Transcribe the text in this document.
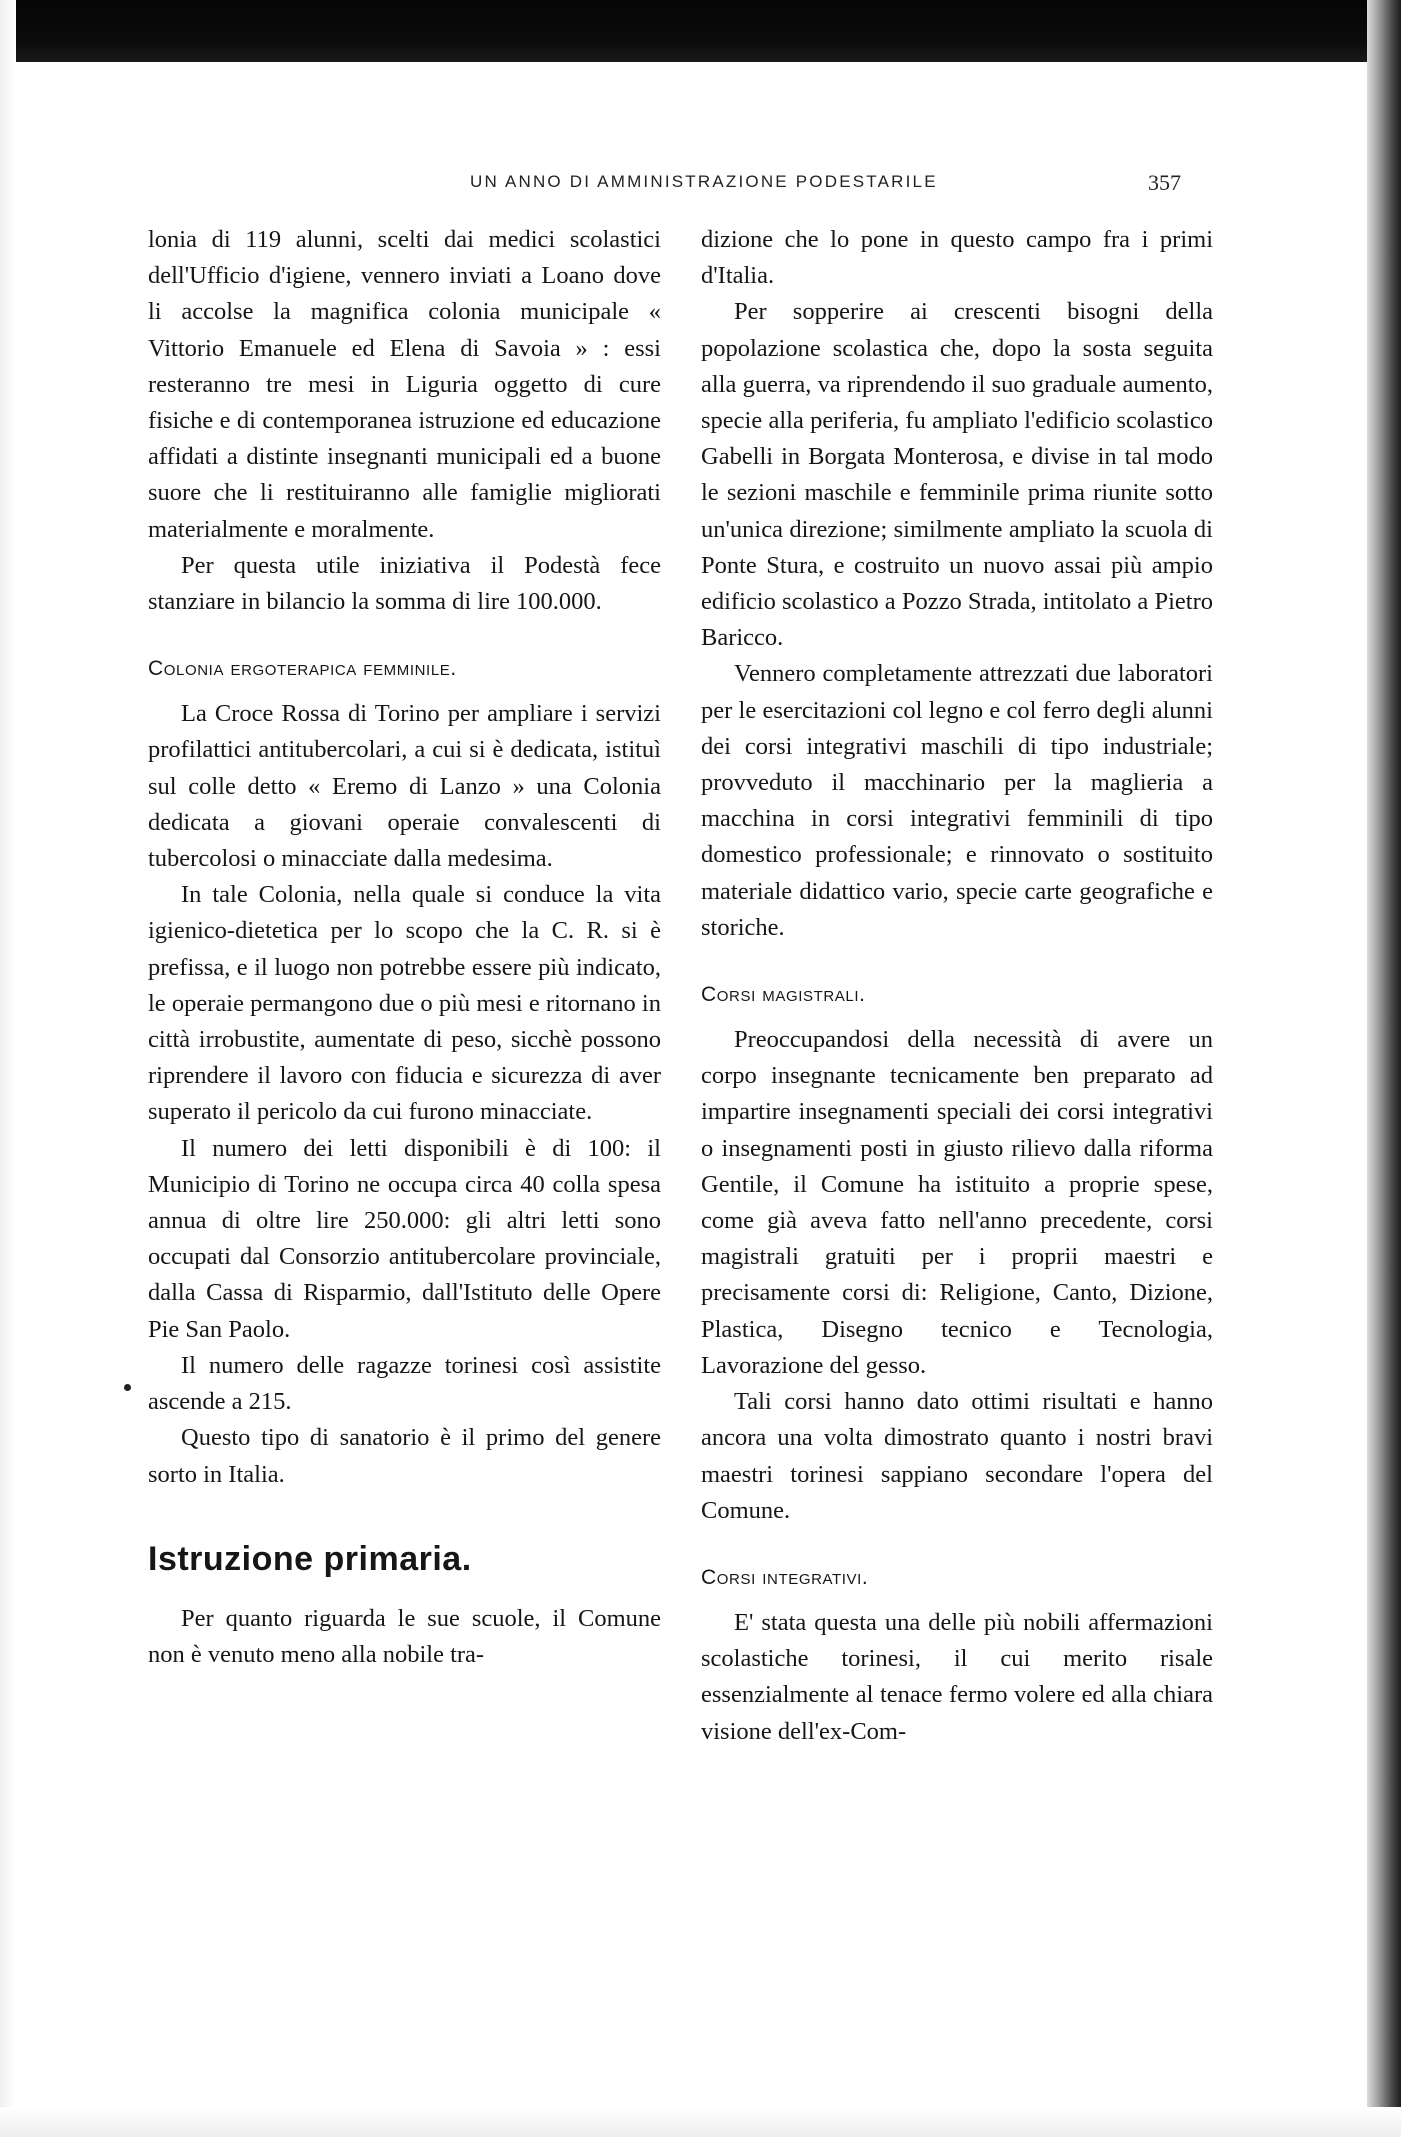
UN ANNO DI AMMINISTRAZIONE PODESTARILE	357

lonia di 119 alunni, scelti dai medici scolastici dell'Ufficio d'igiene, vennero inviati a Loano dove li accolse la magnifica colonia municipale « Vittorio Emanuele ed Elena di Savoia » : essi resteranno tre mesi in Liguria oggetto di cure fisiche e di contemporanea istruzione ed educazione affidati a distinte insegnanti municipali ed a buone suore che li restituiranno alle famiglie migliorati materialmente e moralmente.

Per questa utile iniziativa il Podestà fece stanziare in bilancio la somma di lire 100.000.

Colonia ergoterapica femminile.

La Croce Rossa di Torino per ampliare i servizi profilattici antitubercolari, a cui si è dedicata, istituì sul colle detto « Eremo di Lanzo » una Colonia dedicata a giovani operaie convalescenti di tubercolosi o minacciate dalla medesima.

In tale Colonia, nella quale si conduce la vita igienico-dietetica per lo scopo che la C. R. si è prefissa, e il luogo non potrebbe essere più indicato, le operaie permangono due o più mesi e ritornano in città irrobustite, aumentate di peso, sicchè possono riprendere il lavoro con fiducia e sicurezza di aver superato il pericolo da cui furono minacciate.

Il numero dei letti disponibili è di 100: il Municipio di Torino ne occupa circa 40 colla spesa annua di oltre lire 250.000: gli altri letti sono occupati dal Consorzio antitubercolare provinciale, dalla Cassa di Risparmio, dall'Istituto delle Opere Pie San Paolo.

Il numero delle ragazze torinesi così assistite ascende a 215.

Questo tipo di sanatorio è il primo del genere sorto in Italia.

Istruzione primaria.

Per quanto riguarda le sue scuole, il Comune non è venuto meno alla nobile tra-

dizione che lo pone in questo campo fra i primi d'Italia.

Per sopperire ai crescenti bisogni della popolazione scolastica che, dopo la sosta seguita alla guerra, va riprendendo il suo graduale aumento, specie alla periferia, fu ampliato l'edificio scolastico Gabelli in Borgata Monterosa, e divise in tal modo le sezioni maschile e femminile prima riunite sotto un'unica direzione; similmente ampliato la scuola di Ponte Stura, e costruito un nuovo assai più ampio edificio scolastico a Pozzo Strada, intitolato a Pietro Baricco.

Vennero completamente attrezzati due laboratori per le esercitazioni col legno e col ferro degli alunni dei corsi integrativi maschili di tipo industriale; provveduto il macchinario per la maglieria a macchina in corsi integrativi femminili di tipo domestico professionale; e rinnovato o sostituito materiale didattico vario, specie carte geografiche e storiche.

Corsi magistrali.

Preoccupandosi della necessità di avere un corpo insegnante tecnicamente ben preparato ad impartire insegnamenti speciali dei corsi integrativi o insegnamenti posti in giusto rilievo dalla riforma Gentile, il Comune ha istituito a proprie spese, come già aveva fatto nell'anno precedente, corsi magistrali gratuiti per i proprii maestri e precisamente corsi di: Religione, Canto, Dizione, Plastica, Disegno tecnico e Tecnologia, Lavorazione del gesso.

Tali corsi hanno dato ottimi risultati e hanno ancora una volta dimostrato quanto i nostri bravi maestri torinesi sappiano secondare l'opera del Comune.

Corsi integrativi.

E' stata questa una delle più nobili affermazioni scolastiche torinesi, il cui merito risale essenzialmente al tenace fermo volere ed alla chiara visione dell'ex-Com-
